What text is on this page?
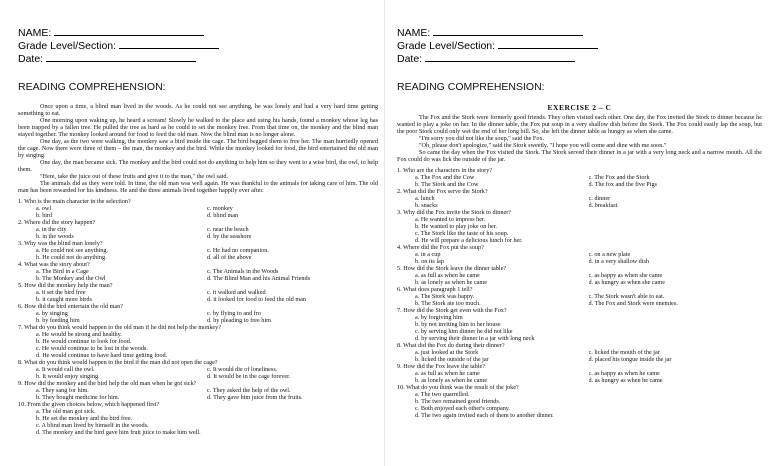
NAME:
Grade Level/Section:
Date:
READING COMPREHENSION:

Once upon a time, a blind man lived in the woods. As he could not see anything, he was lonely and had a very hard time getting something to eat.

One morning upon waking up, he heard a scream! Slowly he walked to the place and using his hands, found a monkey whose leg has been trapped by a fallen tree. He pulled the tree as hard as he could to set the monkey free. From that time on, the monkey and the blind man stayed together. The monkey looked around for food to feed the old man. Now the blind man is no longer alone.

One day, as the two were walking, the monkey saw a bird inside the cage. The bird begged them to free her. The man hurriedly opened the cage. Now there were three of them – the man, the monkey and the bird. While the monkey looked for food, the bird entertained the old man by singing.

One day, the man became sick. The monkey and the bird could not do anything to help him so they went to a wise bird, the owl, to help them.

"Here, take the juice out of these fruits and give it to the man," the owl said.

The animals did as they were told. In time, the old man was well again. He was thankful to the animals for taking care of him. The old man has been rewarded for his kindness. He and the three animals lived together happily ever after.

1. Who is the main character in the selection?
a. owl	c. monkey
b. bird	d. blind man
2. Where did the story happen?
a. in the city	c. near the beach
b. in the woods	d. by the seashore
3. Why was the blind man lonely?
a. He could not see anything.	c. He had no companion.
b. He could not do anything.	d. all of the above
4. What was the story about?
a. The Bird in a Cage	c. The Animals in the Woods
b. The Monkey and the Owl	d. The Blind Man and his Animal Friends
5. How did the monkey help the man?
a. it set the bird free	c. it walked and walked
b. it caught more birds	d. it looked for food to feed the old man
6. How did the bird entertain the old man?
a. by singing	c. by flying to and fro
b. by feeding him	d. by pleading to free him
7. What do you think would happen to the old man if he did not help the monkey?
a. He would be strong and healthy.
b. He would continue to look for food.
c. He would continue to be lost in the woods.
d. He would continue to have hard time getting food.
8. What do you think would happen to the bird if the man did not open the cage?
a. It would call the owl.	c. It would die of loneliness.
b. It would enjoy singing.	d. It would be in the cage forever.
9. How did the monkey and the bird help the old man when he got sick?
a. They sang for him.	c. They asked the help of the owl.
b. They bought medicine for him.	d. They gave him juice from the fruits.
10. From the given choices below, which happened first?
a. The old man got sick.
b. He set the monkey and the bird free.
c. A blind man lived by himself in the woods.
d. The monkey and the bird gave him fruit juice to make him well.
NAME:
Grade Level/Section:
Date:
READING COMPREHENSION:
EXERCISE 2 – C

The Fox and the Stork were formerly good friends. They often visited each other. One day, the Fox invited the Stork to dinner because he wanted to play a joke on her. In the dinner table, the Fox put soup in a very shallow dish before the Stork. The Fox could easily lap the soup, but the poor Stork could only wet the end of her long bill. So, she left the dinner table as hungry as when she came.

"I'm sorry you did not like the soup," said the Fox.

"Oh, please don't apologize," said the Stork sweetly. "I hope you will come and dine with me soon."

So came the day when the Fox visited the Stork. The Stork served their dinner in a jar with a very long neck and a narrow mouth. All the Fox could do was lick the outside of the jar.

1. Who are the characters in the story?
a. The Fox and the Cow	c. The Fox and the Stork
b. The Stork and the Cow	d. The fox and the five Pigs
2. What did the Fox serve the Stork?
a. lunch	c. dinner
b. snacks	d. breakfast
3. Why did the Fox invite the Stork to dinner?
a. He wanted to impress her.
b. He wanted to play joke on her.
c. The Stork like the taste of his soup.
d. He will prepare a delicious lunch for her.
4. Where did the Fox put the soup?
a. in a cup	c. on a new plate
b. on its lap	d. in a very shallow dish
5. How did the Stork leave the dinner table?
a. as full as when he came	c. as happy as when she came
b. as lonely as when he came	d. as hungry as when she came
6. What does paragraph 1 tell?
a. The Stork was happy.	c. The Stork wasn't able to eat.
b. The Stork ate too much.	d. The Fox and Stork were enemies.
7. How did the Stork get even with the Fox?
a. by forgiving him
b. by not inviting him to her house
c. by serving him dinner he did not like
d. by serving their dinner in a jar with long neck
8. What did the Fox do during their dinner?
a. just looked at the Stork	c. licked the mouth of the jar
b. licked the outside of the jar	d. placed his tongue inside the jar
9. How did the Fox leave the table?
a. as full as when he came	c. as happy as when he came
b. as lonely as when he came	d. as hungry as when he came
10. What do you think was the result of the joke?
a. The two quarrelled.
b. The two remained good friends.
c. Both enjoyed each other's company.
d. The two again invited each of them to another dinner.
